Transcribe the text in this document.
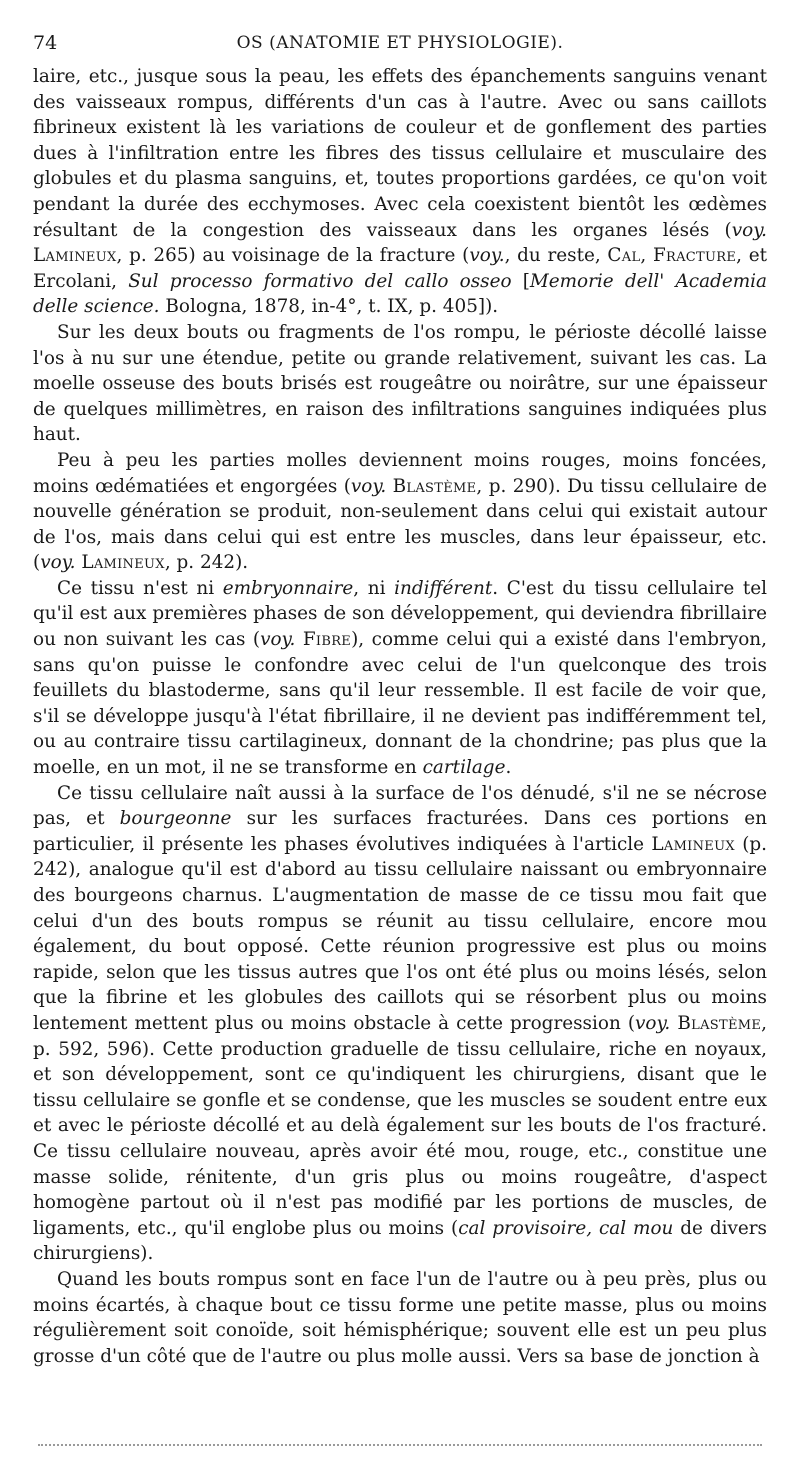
74	OS (ANATOMIE ET PHYSIOLOGIE).

laire, etc., jusque sous la peau, les effets des épanchements sanguins venant des vaisseaux rompus, différents d'un cas à l'autre. Avec ou sans caillots fibrineux existent là les variations de couleur et de gonflement des parties dues à l'infiltration entre les fibres des tissus cellulaire et musculaire des globules et du plasma sanguins, et, toutes proportions gardées, ce qu'on voit pendant la durée des ecchymoses. Avec cela coexistent bientôt les œdèmes résultant de la congestion des vaisseaux dans les organes lésés (voy. Lamineux, p. 265) au voisinage de la fracture (voy., du reste, Cal, Fracture, et Ercolani, Sul processo formativo del callo osseo [Memorie dell' Academia delle science. Bologna, 1878, in-4°, t. IX, p. 405]).

Sur les deux bouts ou fragments de l'os rompu, le périoste décollé laisse l'os à nu sur une étendue, petite ou grande relativement, suivant les cas. La moelle osseuse des bouts brisés est rougeâtre ou noirâtre, sur une épaisseur de quelques millimètres, en raison des infiltrations sanguines indiquées plus haut.

Peu à peu les parties molles deviennent moins rouges, moins foncées, moins œdématiées et engorgées (voy. Blastème, p. 290). Du tissu cellulaire de nouvelle génération se produit, non-seulement dans celui qui existait autour de l'os, mais dans celui qui est entre les muscles, dans leur épaisseur, etc. (voy. Lamineux, p. 242).

Ce tissu n'est ni embryonnaire, ni indifférent. C'est du tissu cellulaire tel qu'il est aux premières phases de son développement, qui deviendra fibrillaire ou non suivant les cas (voy. Fibre), comme celui qui a existé dans l'embryon, sans qu'on puisse le confondre avec celui de l'un quelconque des trois feuillets du blastoderme, sans qu'il leur ressemble. Il est facile de voir que, s'il se développe jusqu'à l'état fibrillaire, il ne devient pas indifféremment tel, ou au contraire tissu cartilagineux, donnant de la chondrine; pas plus que la moelle, en un mot, il ne se transforme en cartilage.

Ce tissu cellulaire naît aussi à la surface de l'os dénudé, s'il ne se nécrose pas, et bourgeonne sur les surfaces fracturées. Dans ces portions en particulier, il présente les phases évolutives indiquées à l'article Lamineux (p. 242), analogue qu'il est d'abord au tissu cellulaire naissant ou embryonnaire des bourgeons charnus. L'augmentation de masse de ce tissu mou fait que celui d'un des bouts rompus se réunit au tissu cellulaire, encore mou également, du bout opposé. Cette réunion progressive est plus ou moins rapide, selon que les tissus autres que l'os ont été plus ou moins lésés, selon que la fibrine et les globules des caillots qui se résorbent plus ou moins lentement mettent plus ou moins obstacle à cette progression (voy. Blastème, p. 592, 596). Cette production graduelle de tissu cellulaire, riche en noyaux, et son développement, sont ce qu'indiquent les chirurgiens, disant que le tissu cellulaire se gonfle et se condense, que les muscles se soudent entre eux et avec le périoste décollé et au delà également sur les bouts de l'os fracturé. Ce tissu cellulaire nouveau, après avoir été mou, rouge, etc., constitue une masse solide, rénitente, d'un gris plus ou moins rougeâtre, d'aspect homogène partout où il n'est pas modifié par les portions de muscles, de ligaments, etc., qu'il englobe plus ou moins (cal provisoire, cal mou de divers chirurgiens).

Quand les bouts rompus sont en face l'un de l'autre ou à peu près, plus ou moins écartés, à chaque bout ce tissu forme une petite masse, plus ou moins régulièrement soit conoïde, soit hémisphérique; souvent elle est un peu plus grosse d'un côté que de l'autre ou plus molle aussi. Vers sa base de jonction à
